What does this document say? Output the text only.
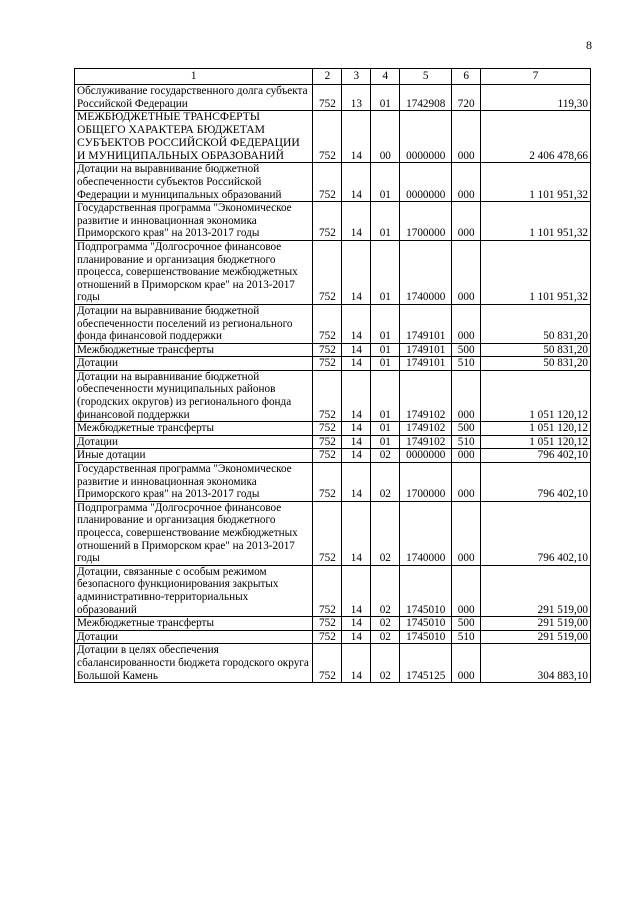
8
1	2	3	4	5	6	7
Обслуживание государственного долга субъекта Российской Федерации	752	13	01	1742908	720	119,30
МЕЖБЮДЖЕТНЫЕ ТРАНСФЕРТЫ ОБЩЕГО ХАРАКТЕРА БЮДЖЕТАМ СУБЪЕКТОВ РОССИЙСКОЙ ФЕДЕРАЦИИ И МУНИЦИПАЛЬНЫХ ОБРАЗОВАНИЙ	752	14	00	0000000	000	2 406 478,66
Дотации на выравнивание бюджетной обеспеченности субъектов Российской Федерации и муниципальных образований	752	14	01	0000000	000	1 101 951,32
Государственная программа "Экономическое развитие и инновационная экономика Приморского края" на 2013-2017 годы	752	14	01	1700000	000	1 101 951,32
Подпрограмма "Долгосрочное финансовое планирование и организация бюджетного процесса, совершенствование межбюджетных отношений в Приморском крае" на 2013-2017 годы	752	14	01	1740000	000	1 101 951,32
Дотации на выравнивание бюджетной обеспеченности поселений из регионального фонда финансовой поддержки	752	14	01	1749101	000	50 831,20
Межбюджетные трансферты	752	14	01	1749101	500	50 831,20
Дотации	752	14	01	1749101	510	50 831,20
Дотации на выравнивание бюджетной обеспеченности муниципальных районов (городских округов) из регионального фонда финансовой поддержки	752	14	01	1749102	000	1 051 120,12
Межбюджетные трансферты	752	14	01	1749102	500	1 051 120,12
Дотации	752	14	01	1749102	510	1 051 120,12
Иные дотации	752	14	02	0000000	000	796 402,10
Государственная программа "Экономическое развитие и инновационная экономика Приморского края" на 2013-2017 годы	752	14	02	1700000	000	796 402,10
Подпрограмма "Долгосрочное финансовое планирование и организация бюджетного процесса, совершенствование межбюджетных отношений в Приморском крае" на 2013-2017 годы	752	14	02	1740000	000	796 402,10
Дотации, связанные с особым режимом безопасного функционирования закрытых административно-территориальных образований	752	14	02	1745010	000	291 519,00
Межбюджетные трансферты	752	14	02	1745010	500	291 519,00
Дотации	752	14	02	1745010	510	291 519,00
Дотации в целях обеспечения сбалансированности бюджета городского округа Большой Камень	752	14	02	1745125	000	304 883,10
